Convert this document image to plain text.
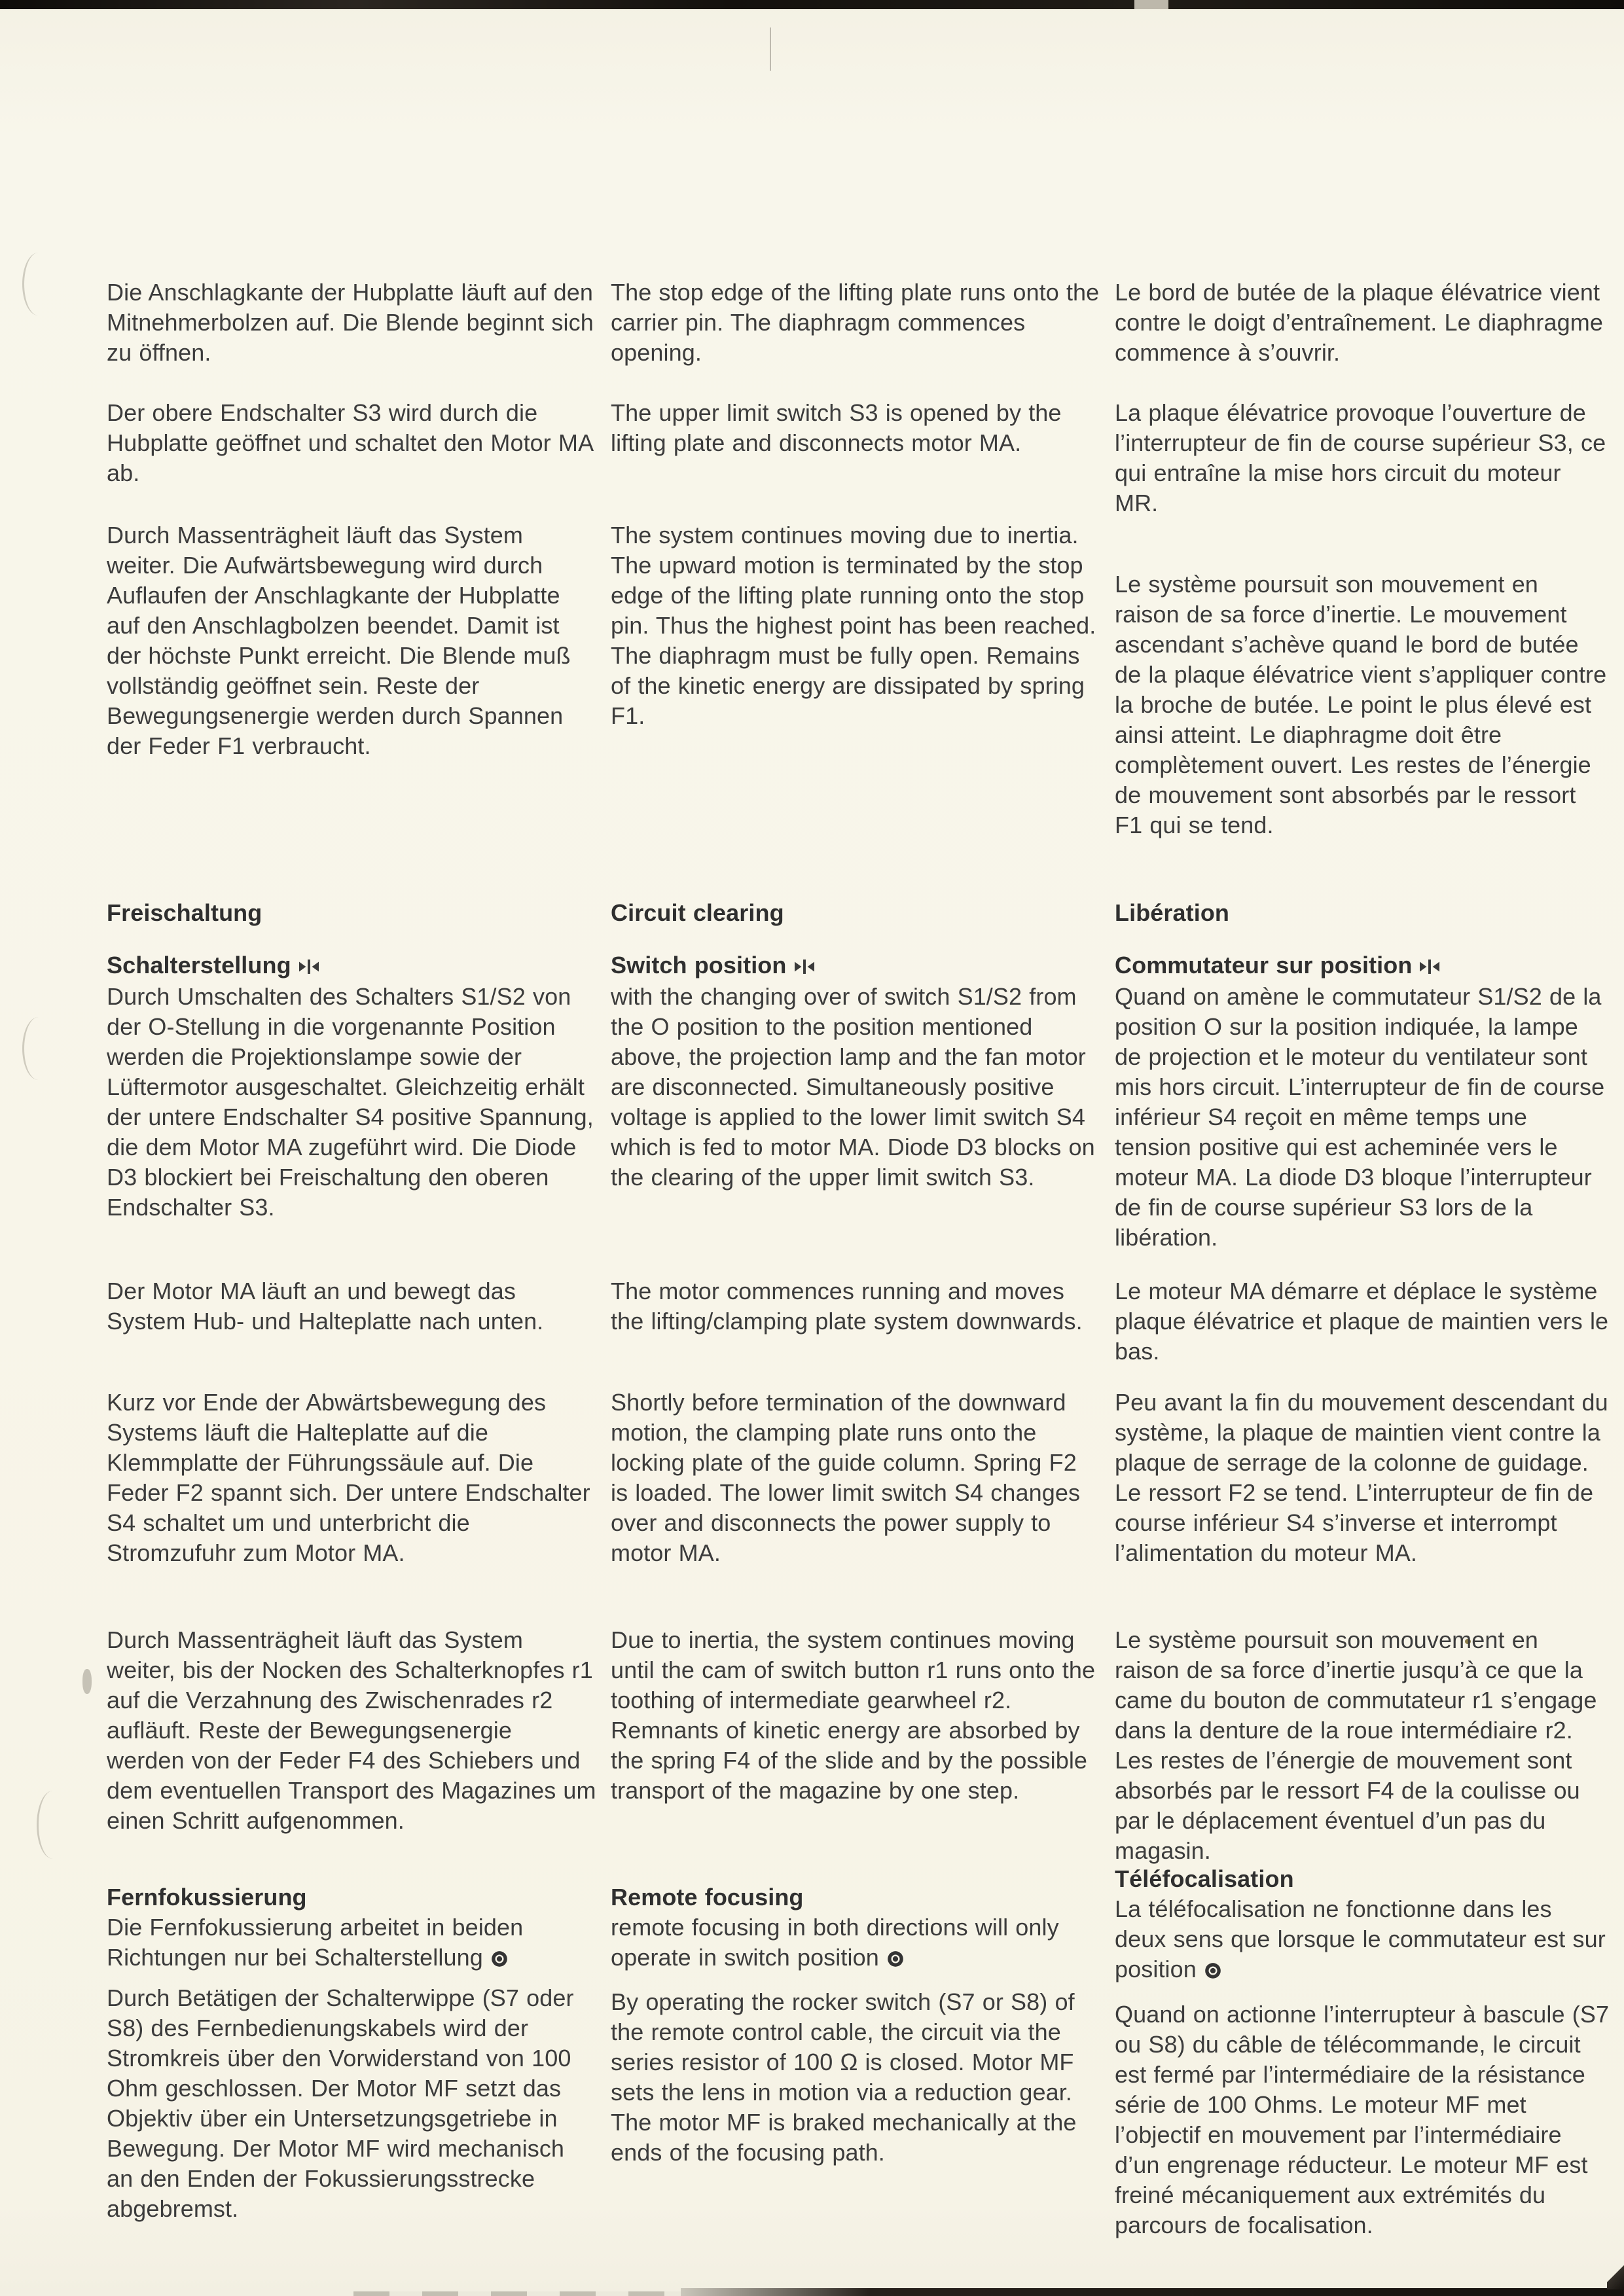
Die Anschlagkante der Hubplatte läuft auf den Mitnehmerbolzen auf. Die Blende beginnt sich zu öffnen.
Der obere Endschalter S3 wird durch die Hubplatte geöffnet und schaltet den Motor MA ab.
Durch Massenträgheit läuft das System weiter. Die Aufwärtsbewegung wird durch Auflaufen der Anschlagkante der Hubplatte auf den Anschlagbolzen beendet. Damit ist der höchste Punkt erreicht. Die Blende muß vollständig geöffnet sein. Reste der Bewegungsenergie werden durch Spannen der Feder F1 verbraucht.
Freischaltung
Schalterstellung
Durch Umschalten des Schalters S1/S2 von der O-Stellung in die vorgenannte Position werden die Projektionslampe sowie der Lüftermotor ausgeschaltet. Gleichzeitig erhält der untere Endschalter S4 positive Spannung, die dem Motor MA zugeführt wird. Die Diode D3 blockiert bei Freischaltung den oberen Endschalter S3.
Der Motor MA läuft an und bewegt das System Hub- und Halteplatte nach unten.
Kurz vor Ende der Abwärtsbewegung des Systems läuft die Halteplatte auf die Klemmplatte der Führungssäule auf. Die Feder F2 spannt sich. Der untere Endschalter S4 schaltet um und unterbricht die Stromzufuhr zum Motor MA.
Durch Massenträgheit läuft das System weiter, bis der Nocken des Schalterknopfes r1 auf die Verzahnung des Zwischenrades r2 aufläuft. Reste der Bewegungsenergie werden von der Feder F4 des Schiebers und dem eventuellen Transport des Magazines um einen Schritt aufgenommen.
Fernfokussierung
Die Fernfokussierung arbeitet in beiden Richtungen nur bei Schalterstellung
Durch Betätigen der Schalterwippe (S7 oder S8) des Fernbedienungskabels wird der Stromkreis über den Vorwiderstand von 100 Ohm geschlossen. Der Motor MF setzt das Objektiv über ein Untersetzungsgetriebe in Bewegung. Der Motor MF wird mechanisch an den Enden der Fokussierungsstrecke abgebremst.
The stop edge of the lifting plate runs onto the carrier pin. The diaphragm commences opening.
The upper limit switch S3 is opened by the lifting plate and disconnects motor MA.
The system continues moving due to inertia. The upward motion is terminated by the stop edge of the lifting plate running onto the stop pin. Thus the highest point has been reached. The diaphragm must be fully open. Remains of the kinetic energy are dissipated by spring F1.
Circuit clearing
Switch position
with the changing over of switch S1/S2 from the O position to the position mentioned above, the projection lamp and the fan motor are disconnected. Simultaneously positive voltage is applied to the lower limit switch S4 which is fed to motor MA. Diode D3 blocks on the clearing of the upper limit switch S3.
The motor commences running and moves the lifting/clamping plate system downwards.
Shortly before termination of the downward motion, the clamping plate runs onto the locking plate of the guide column. Spring F2 is loaded. The lower limit switch S4 changes over and disconnects the power supply to motor MA.
Due to inertia, the system continues moving until the cam of switch button r1 runs onto the toothing of intermediate gearwheel r2. Remnants of kinetic energy are absorbed by the spring F4 of the slide and by the possible transport of the magazine by one step.
Remote focusing
remote focusing in both directions will only operate in switch position
By operating the rocker switch (S7 or S8) of the remote control cable, the circuit via the series resistor of 100 Ω is closed. Motor MF sets the lens in motion via a reduction gear. The motor MF is braked mechanically at the ends of the focusing path.
Le bord de butée de la plaque élévatrice vient contre le doigt d’entraînement. Le diaphragme commence à s’ouvrir.
La plaque élévatrice provoque l’ouverture de l’interrupteur de fin de course supérieur S3, ce qui entraîne la mise hors circuit du moteur MR.
Le système poursuit son mouvement en raison de sa force d’inertie. Le mouvement ascendant s’achève quand le bord de butée de la plaque élévatrice vient s’appliquer contre la broche de butée. Le point le plus élevé est ainsi atteint. Le diaphragme doit être complètement ouvert. Les restes de l’énergie de mouvement sont absorbés par le ressort F1 qui se tend.
Libération
Commutateur sur position
Quand on amène le commutateur S1/S2 de la position O sur la position indiquée, la lampe de projection et le moteur du ventilateur sont mis hors circuit. L’interrupteur de fin de course inférieur S4 reçoit en même temps une tension positive qui est acheminée vers le moteur MA. La diode D3 bloque l’interrupteur de fin de course supérieur S3 lors de la libération.
Le moteur MA démarre et déplace le système plaque élévatrice et plaque de maintien vers le bas.
Peu avant la fin du mouvement descendant du système, la plaque de maintien vient contre la plaque de serrage de la colonne de guidage. Le ressort F2 se tend. L’interrupteur de fin de course inférieur S4 s’inverse et interrompt l’alimentation du moteur MA.
Le système poursuit son mouvement en raison de sa force d’inertie jusqu’à ce que la came du bouton de commutateur r1 s’engage dans la denture de la roue intermédiaire r2. Les restes de l’énergie de mouvement sont absorbés par le ressort F4 de la coulisse ou par le déplacement éventuel d’un pas du magasin.
Téléfocalisation
La téléfocalisation ne fonctionne dans les deux sens que lorsque le commutateur est sur position
Quand on actionne l’interrupteur à bascule (S7 ou S8) du câble de télécommande, le circuit est fermé par l’intermédiaire de la résistance série de 100 Ohms. Le moteur MF met l’objectif en mouvement par l’intermédiaire d’un engrenage réducteur. Le moteur MF est freiné mécaniquement aux extrémités du parcours de focalisation.
